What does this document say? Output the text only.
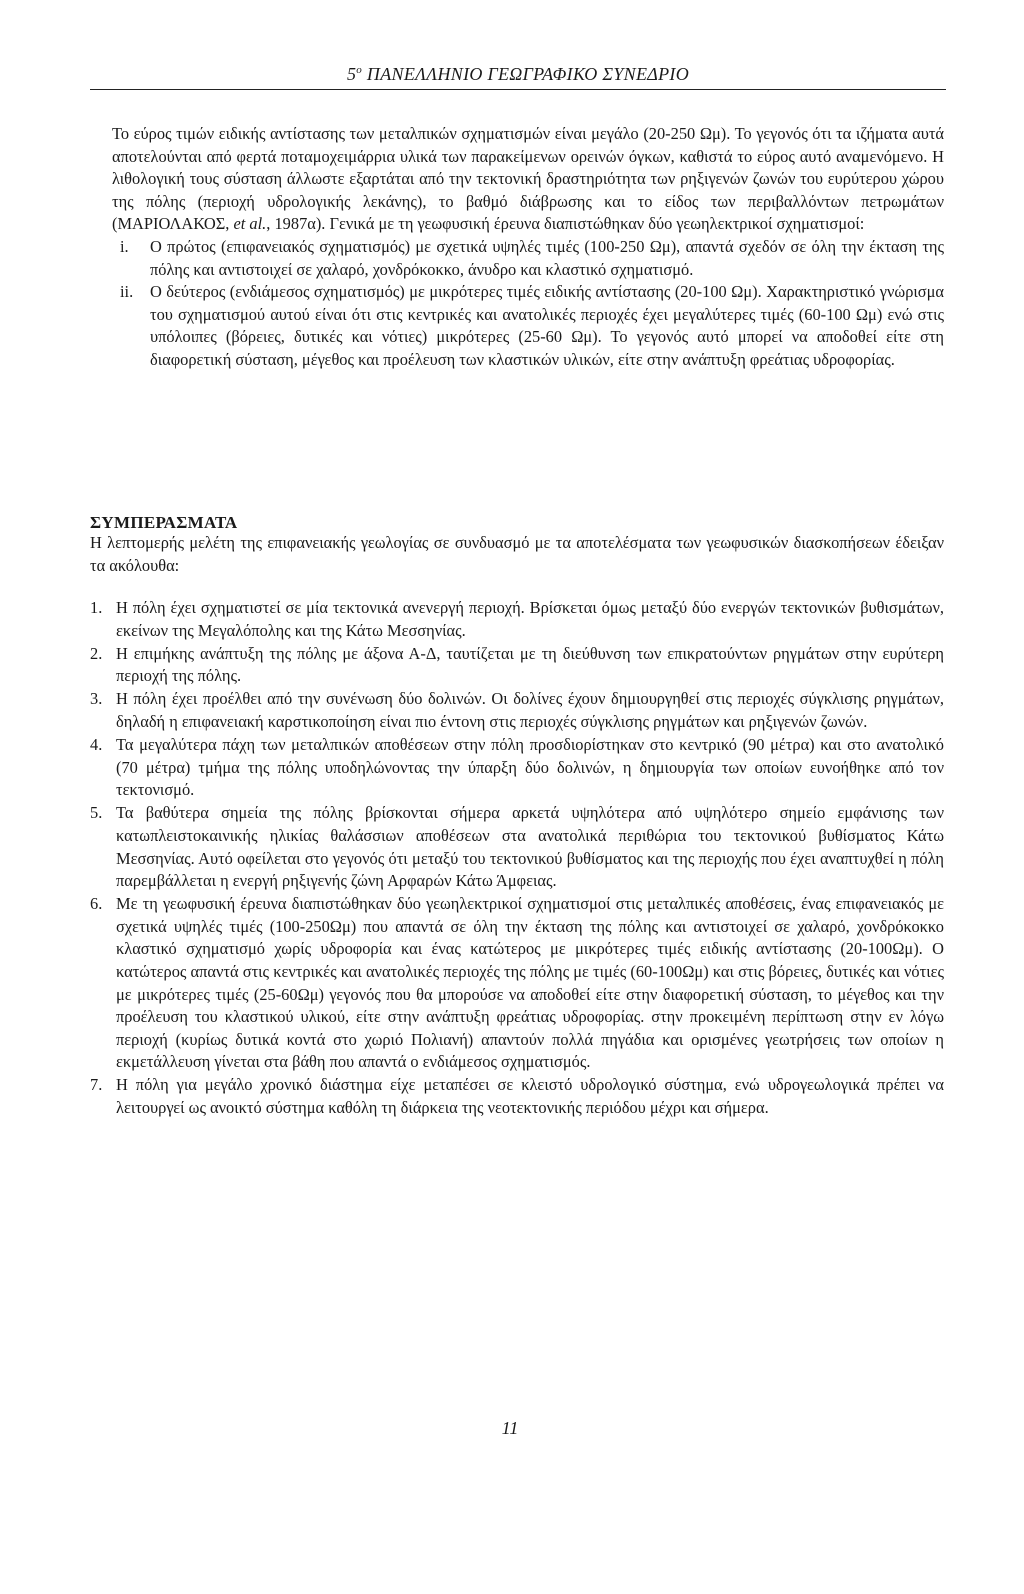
$5^o$ ΠΑΝΕΛΛΗΝΙΟ ΓΕΩΓΡΑΦΙΚΟ ΣΥΝΕΔΡΙΟ

Το εύρος τιμών ειδικής αντίστασης των μεταλπικών σχηματισμών είναι μεγάλο (20-250 Ωμ). Το γεγονός ότι τα ιζήματα αυτά αποτελούνται από φερτά ποταμοχειμάρρια υλικά των παρακείμενων ορεινών όγκων, καθιστά το εύρος αυτό αναμενόμενο. Η λιθολογική τους σύσταση άλλωστε εξαρτάται από την τεκτονική δραστηριότητα των ρηξιγενών ζωνών του ευρύτερου χώρου της πόλης (περιοχή υδρολογικής λεκάνης), το βαθμό διάβρωσης και το είδος των περιβαλλόντων πετρωμάτων (ΜΑΡΙΟΛΑΚΟΣ, et al., 1987α). Γενικά με τη γεωφυσική έρευνα διαπιστώθηκαν δύο γεωηλεκτρικοί σχηματισμοί:

i. Ο πρώτος (επιφανειακός σχηματισμός) με σχετικά υψηλές τιμές (100-250 Ωμ), απαντά σχεδόν σε όλη την έκταση της πόλης και αντιστοιχεί σε χαλαρό, χονδρόκοκκο, άνυδρο και κλαστικό σχηματισμό.
ii. Ο δεύτερος (ενδιάμεσος σχηματισμός) με μικρότερες τιμές ειδικής αντίστασης (20-100 Ωμ). Χαρακτηριστικό γνώρισμα του σχηματισμού αυτού είναι ότι στις κεντρικές και ανατολικές περιοχές έχει μεγαλύτερες τιμές (60-100 Ωμ) ενώ στις υπόλοιπες (βόρειες, δυτικές και νότιες) μικρότερες (25-60 Ωμ). Το γεγονός αυτό μπορεί να αποδοθεί είτε στη διαφορετική σύσταση, μέγεθος και προέλευση των κλαστικών υλικών, είτε στην ανάπτυξη φρεάτιας υδροφορίας.
ΣΥΜΠΕΡΑΣΜΑΤΑ

Η λεπτομερής μελέτη της επιφανειακής γεωλογίας σε συνδυασμό με τα αποτελέσματα των γεωφυσικών διασκοπήσεων έδειξαν τα ακόλουθα:

1. Η πόλη έχει σχηματιστεί σε μία τεκτονικά ανενεργή περιοχή. Βρίσκεται όμως μεταξύ δύο ενεργών τεκτονικών βυθισμάτων, εκείνων της Μεγαλόπολης και της Κάτω Μεσσηνίας.
2. Η επιμήκης ανάπτυξη της πόλης με άξονα Α-Δ, ταυτίζεται με τη διεύθυνση των επικρατούντων ρηγμάτων στην ευρύτερη περιοχή της πόλης.
3. Η πόλη έχει προέλθει από την συνένωση δύο δολινών. Οι δολίνες έχουν δημιουργηθεί στις περιοχές σύγκλισης ρηγμάτων, δηλαδή η επιφανειακή καρστικοποίηση είναι πιο έντονη στις περιοχές σύγκλισης ρηγμάτων και ρηξιγενών ζωνών.
4. Τα μεγαλύτερα πάχη των μεταλπικών αποθέσεων στην πόλη προσδιορίστηκαν στο κεντρικό (90 μέτρα) και στο ανατολικό (70 μέτρα) τμήμα της πόλης υποδηλώνοντας την ύπαρξη δύο δολινών, η δημιουργία των οποίων ευνοήθηκε από τον τεκτονισμό.
5. Τα βαθύτερα σημεία της πόλης βρίσκονται σήμερα αρκετά υψηλότερα από υψηλότερο σημείο εμφάνισης των κατωπλειστοκαινικής ηλικίας θαλάσσιων αποθέσεων στα ανατολικά περιθώρια του τεκτονικού βυθίσματος Κάτω Μεσσηνίας. Αυτό οφείλεται στο γεγονός ότι μεταξύ του τεκτονικού βυθίσματος και της περιοχής που έχει αναπτυχθεί η πόλη παρεμβάλλεται η ενεργή ρηξιγενής ζώνη Αρφαρών Κάτω Άμφειας.
6. Με τη γεωφυσική έρευνα διαπιστώθηκαν δύο γεωηλεκτρικοί σχηματισμοί στις μεταλπικές αποθέσεις, ένας επιφανειακός με σχετικά υψηλές τιμές (100-250Ωμ) που απαντά σε όλη την έκταση της πόλης και αντιστοιχεί σε χαλαρό, χονδρόκοκκο κλαστικό σχηματισμό χωρίς υδροφορία και ένας κατώτερος με μικρότερες τιμές ειδικής αντίστασης (20-100Ωμ). Ο κατώτερος απαντά στις κεντρικές και ανατολικές περιοχές της πόλης με τιμές (60-100Ωμ) και στις βόρειες, δυτικές και νότιες με μικρότερες τιμές (25-60Ωμ) γεγονός που θα μπορούσε να αποδοθεί είτε στην διαφορετική σύσταση, το μέγεθος και την προέλευση του κλαστικού υλικού, είτε στην ανάπτυξη φρεάτιας υδροφορίας. στην προκειμένη περίπτωση στην εν λόγω περιοχή (κυρίως δυτικά κοντά στο χωριό Πολιανή) απαντούν πολλά πηγάδια και ορισμένες γεωτρήσεις των οποίων η εκμετάλλευση γίνεται στα βάθη που απαντά ο ενδιάμεσος σχηματισμός.
7. Η πόλη για μεγάλο χρονικό διάστημα είχε μεταπέσει σε κλειστό υδρολογικό σύστημα, ενώ υδρογεωλογικά πρέπει να λειτουργεί ως ανοικτό σύστημα καθόλη τη διάρκεια της νεοτεκτονικής περιόδου μέχρι και σήμερα.
11
